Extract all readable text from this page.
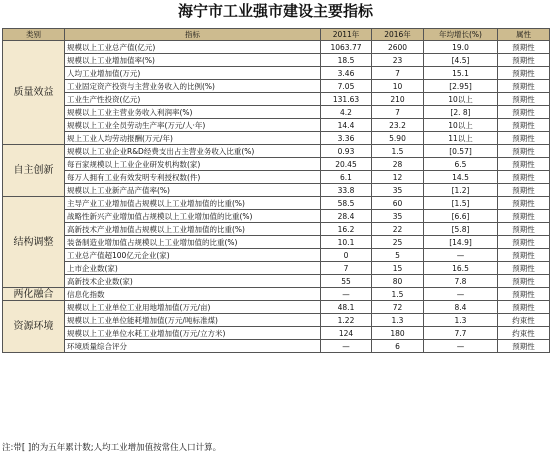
海宁市工业强市建设主要指标
类别	指标	2011年	2016年	年均增长(%)	属性
质量效益	规模以上工业总产值(亿元)	1063.77	2600	19.0	预期性
	规模以上工业增加值率(%)	18.5	23	[4.5]	预期性
	人均工业增加值(万元)	3.46	7	15.1	预期性
	工业固定资产投资与主营业务收入的比例(%)	7.05	10	[2.95]	预期性
	工业生产性投资(亿元)	131.63	210	10以上	预期性
	规模以上工业主营业务收入利润率(%)	4.2	7	[2. 8]	预期性
	规模以上工业全员劳动生产率(万元/人·年)	14.4	23.2	10以上	预期性
	规上工业人均劳动报酬(万元/年)	3.36	5.90	11以上	预期性
自主创新	规模以上工业企业R&D经费支出占主营业务收入比重(%)	0.93	1.5	[0.57]	预期性
	每百家规模以上工业企业研发机构数(家)	20.45	28	6.5	预期性
	每万人拥有工业有效发明专利授权数(件)	6.1	12	14.5	预期性
	规模以上工业新产品产值率(%)	33.8	35	[1.2]	预期性
结构调整	主导产业工业增加值占规模以上工业增加值的比重(%)	58.5	60	[1.5]	预期性
	战略性新兴产业增加值占规模以上工业增加值的比重(%)	28.4	35	[6.6]	预期性
	高新技术产业增加值占规模以上工业增加值的比重(%)	16.2	22	[5.8]	预期性
	装备制造业增加值占规模以上工业增加值的比重(%)	10.1	25	[14.9]	预期性
	工业总产值超100亿元企业(家)	0	5	—	预期性
	上市企业数(家)	7	15	16.5	预期性
	高新技术企业数(家)	55	80	7.8	预期性
两化融合	信息化指数	—	1.5	—	预期性
资源环境	规模以上工业单位工业用地增加值(万元/亩)	48.1	72	8.4	预期性
	规模以上工业单位能耗增加值(万元/吨标准煤)	1.22	1.3	1.3	约束性
	规模以上工业单位水耗工业增加值(万元/立方米)	124	180	7.7	约束性
	环境质量综合评分	—	6	—	预期性
注:带[ ]的为五年累计数;人均工业增加值按常住人口计算。
